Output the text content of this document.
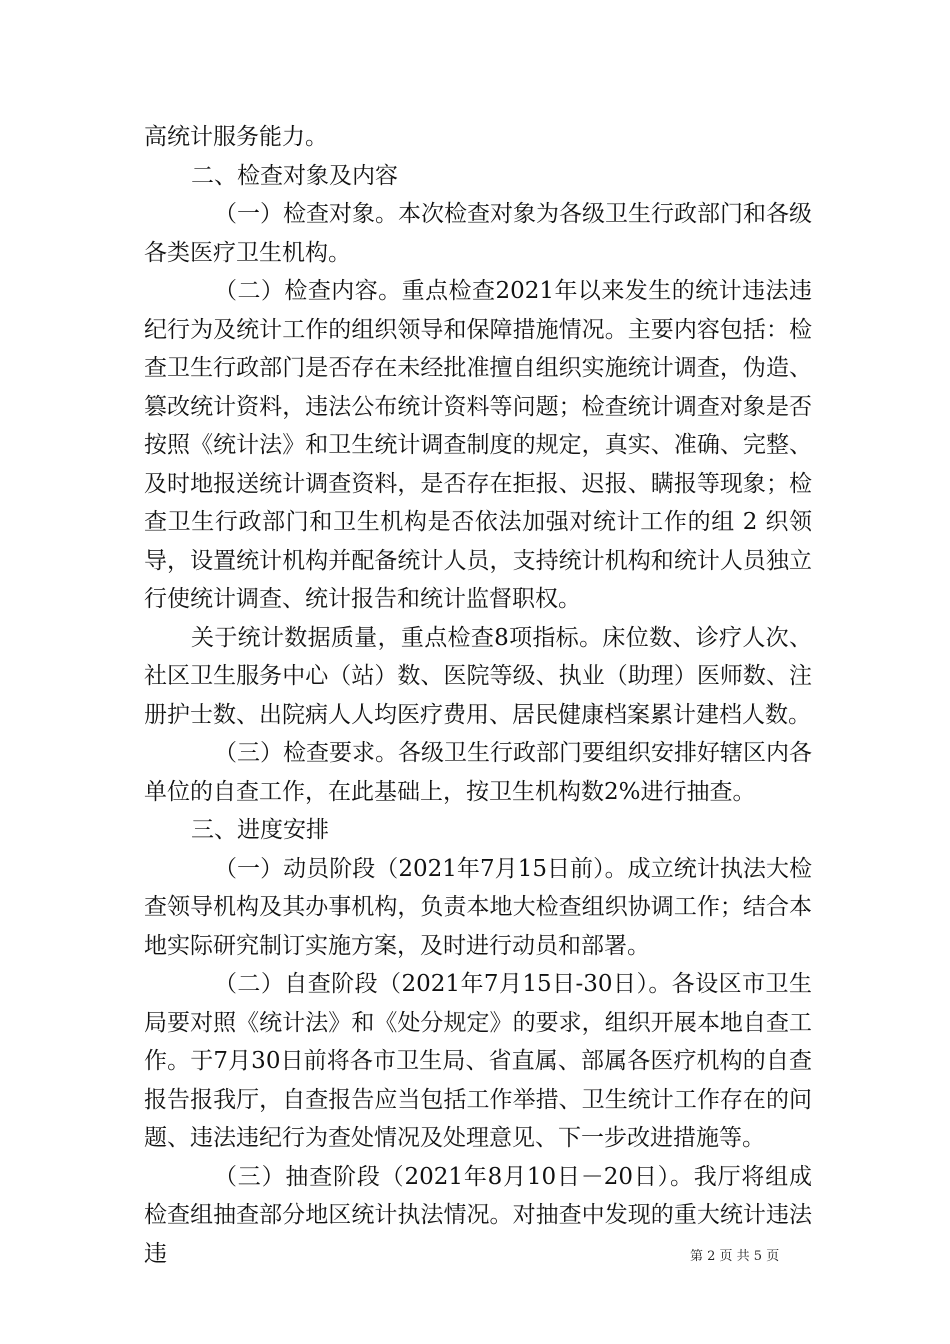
高统计服务能力。

二、检查对象及内容

（一）检查对象。本次检查对象为各级卫生行政部门和各级各类医疗卫生机构。

（二）检查内容。重点检查2021年以来发生的统计违法违纪行为及统计工作的组织领导和保障措施情况。主要内容包括：检查卫生行政部门是否存在未经批准擅自组织实施统计调查，伪造、篡改统计资料，违法公布统计资料等问题；检查统计调查对象是否按照《统计法》和卫生统计调查制度的规定，真实、准确、完整、及时地报送统计调查资料，是否存在拒报、迟报、瞒报等现象；检查卫生行政部门和卫生机构是否依法加强对统计工作的组 2 织领导，设置统计机构并配备统计人员，支持统计机构和统计人员独立行使统计调查、统计报告和统计监督职权。

关于统计数据质量，重点检查8项指标。床位数、诊疗人次、社区卫生服务中心（站）数、医院等级、执业（助理）医师数、注册护士数、出院病人人均医疗费用、居民健康档案累计建档人数。

（三）检查要求。各级卫生行政部门要组织安排好辖区内各单位的自查工作，在此基础上，按卫生机构数2%进行抽查。

三、进度安排

（一）动员阶段（2021年7月15日前）。成立统计执法大检查领导机构及其办事机构，负责本地大检查组织协调工作；结合本地实际研究制订实施方案，及时进行动员和部署。

（二）自查阶段（2021年7月15日-30日）。各设区市卫生局要对照《统计法》和《处分规定》的要求，组织开展本地自查工作。于7月30日前将各市卫生局、省直属、部属各医疗机构的自查报告报我厅，自查报告应当包括工作举措、卫生统计工作存在的问题、违法违纪行为查处情况及处理意见、下一步改进措施等。

（三）抽查阶段（2021年8月10日－20日）。我厅将组成检查组抽查部分地区统计执法情况。对抽查中发现的重大统计违法违	第 2 页 共 5 页
